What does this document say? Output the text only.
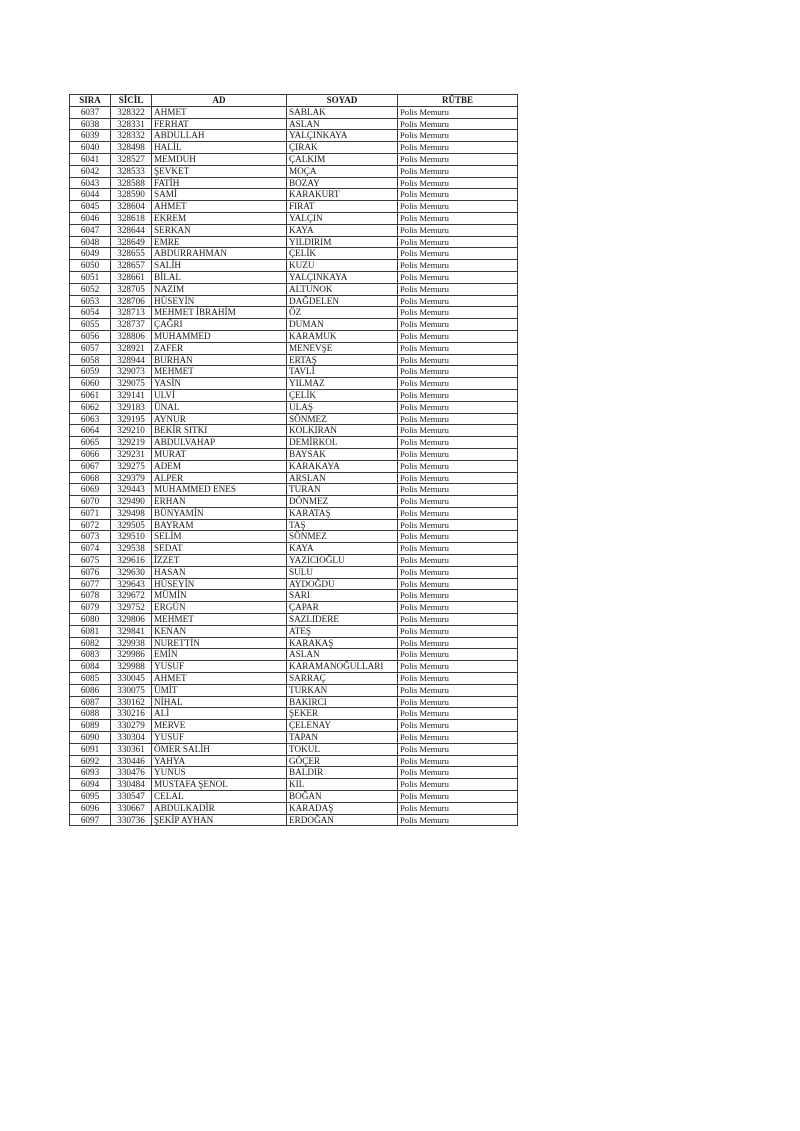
SIRA	SİCİL	AD	SOYAD	RÜTBE
6037	328322	AHMET	SABLAK	Polis Memuru
6038	328331	FERHAT	ASLAN	Polis Memuru
6039	328332	ABDULLAH	YALÇINKAYA	Polis Memuru
6040	328498	HALİL	ÇIRAK	Polis Memuru
6041	328527	MEMDUH	ÇALKIM	Polis Memuru
6042	328533	ŞEVKET	MOÇA	Polis Memuru
6043	328588	FATİH	BOZAY	Polis Memuru
6044	328590	SAMİ	KARAKURT	Polis Memuru
6045	328604	AHMET	FIRAT	Polis Memuru
6046	328618	EKREM	YALÇIN	Polis Memuru
6047	328644	SERKAN	KAYA	Polis Memuru
6048	328649	EMRE	YILDIRIM	Polis Memuru
6049	328655	ABDURRAHMAN	ÇELİK	Polis Memuru
6050	328657	SALİH	KUZU	Polis Memuru
6051	328661	BİLAL	YALÇINKAYA	Polis Memuru
6052	328705	NAZIM	ALTUNOK	Polis Memuru
6053	328706	HÜSEYİN	DAĞDELEN	Polis Memuru
6054	328713	MEHMET İBRAHİM	ÖZ	Polis Memuru
6055	328737	ÇAĞRI	DUMAN	Polis Memuru
6056	328806	MUHAMMED	KARAMUK	Polis Memuru
6057	328921	ZAFER	MENEVŞE	Polis Memuru
6058	328944	BURHAN	ERTAŞ	Polis Memuru
6059	329073	MEHMET	TAVLİ	Polis Memuru
6060	329075	YASİN	YILMAZ	Polis Memuru
6061	329141	ULVİ	ÇELİK	Polis Memuru
6062	329183	ÜNAL	ULAŞ	Polis Memuru
6063	329195	AYNUR	SÖNMEZ	Polis Memuru
6064	329210	BEKİR SITKI	KOLKIRAN	Polis Memuru
6065	329219	ABDULVAHAP	DEMİRKOL	Polis Memuru
6066	329231	MURAT	BAYSAK	Polis Memuru
6067	329275	ADEM	KARAKAYA	Polis Memuru
6068	329379	ALPER	ARSLAN	Polis Memuru
6069	329443	MUHAMMED ENES	TURAN	Polis Memuru
6070	329490	ERHAN	DÖNMEZ	Polis Memuru
6071	329498	BÜNYAMİN	KARATAŞ	Polis Memuru
6072	329505	BAYRAM	TAŞ	Polis Memuru
6073	329510	SELİM	SÖNMEZ	Polis Memuru
6074	329538	SEDAT	KAYA	Polis Memuru
6075	329616	İZZET	YAZICIOĞLU	Polis Memuru
6076	329630	HASAN	SULU	Polis Memuru
6077	329643	HÜSEYİN	AYDOĞDU	Polis Memuru
6078	329672	MÜMİN	SARI	Polis Memuru
6079	329752	ERGÜN	ÇAPAR	Polis Memuru
6080	329806	MEHMET	SAZLIDERE	Polis Memuru
6081	329841	KENAN	ATEŞ	Polis Memuru
6082	329938	NURETTİN	KARAKAŞ	Polis Memuru
6083	329986	EMİN	ASLAN	Polis Memuru
6084	329988	YUSUF	KARAMANOĞULLARI	Polis Memuru
6085	330045	AHMET	SARRAÇ	Polis Memuru
6086	330075	ÜMİT	TURKAN	Polis Memuru
6087	330162	NİHAL	BAKIRCI	Polis Memuru
6088	330216	ALİ	ŞEKER	Polis Memuru
6089	330279	MERVE	ÇELENAY	Polis Memuru
6090	330304	YUSUF	TAPAN	Polis Memuru
6091	330361	ÖMER SALİH	TOKUL	Polis Memuru
6092	330446	YAHYA	GÖÇER	Polis Memuru
6093	330476	YUNUS	BALDIR	Polis Memuru
6094	330484	MUSTAFA ŞENOL	KIL	Polis Memuru
6095	330547	CELAL	BOĞAN	Polis Memuru
6096	330667	ABDULKADİR	KARADAŞ	Polis Memuru
6097	330736	ŞEKİP AYHAN	ERDOĞAN	Polis Memuru
